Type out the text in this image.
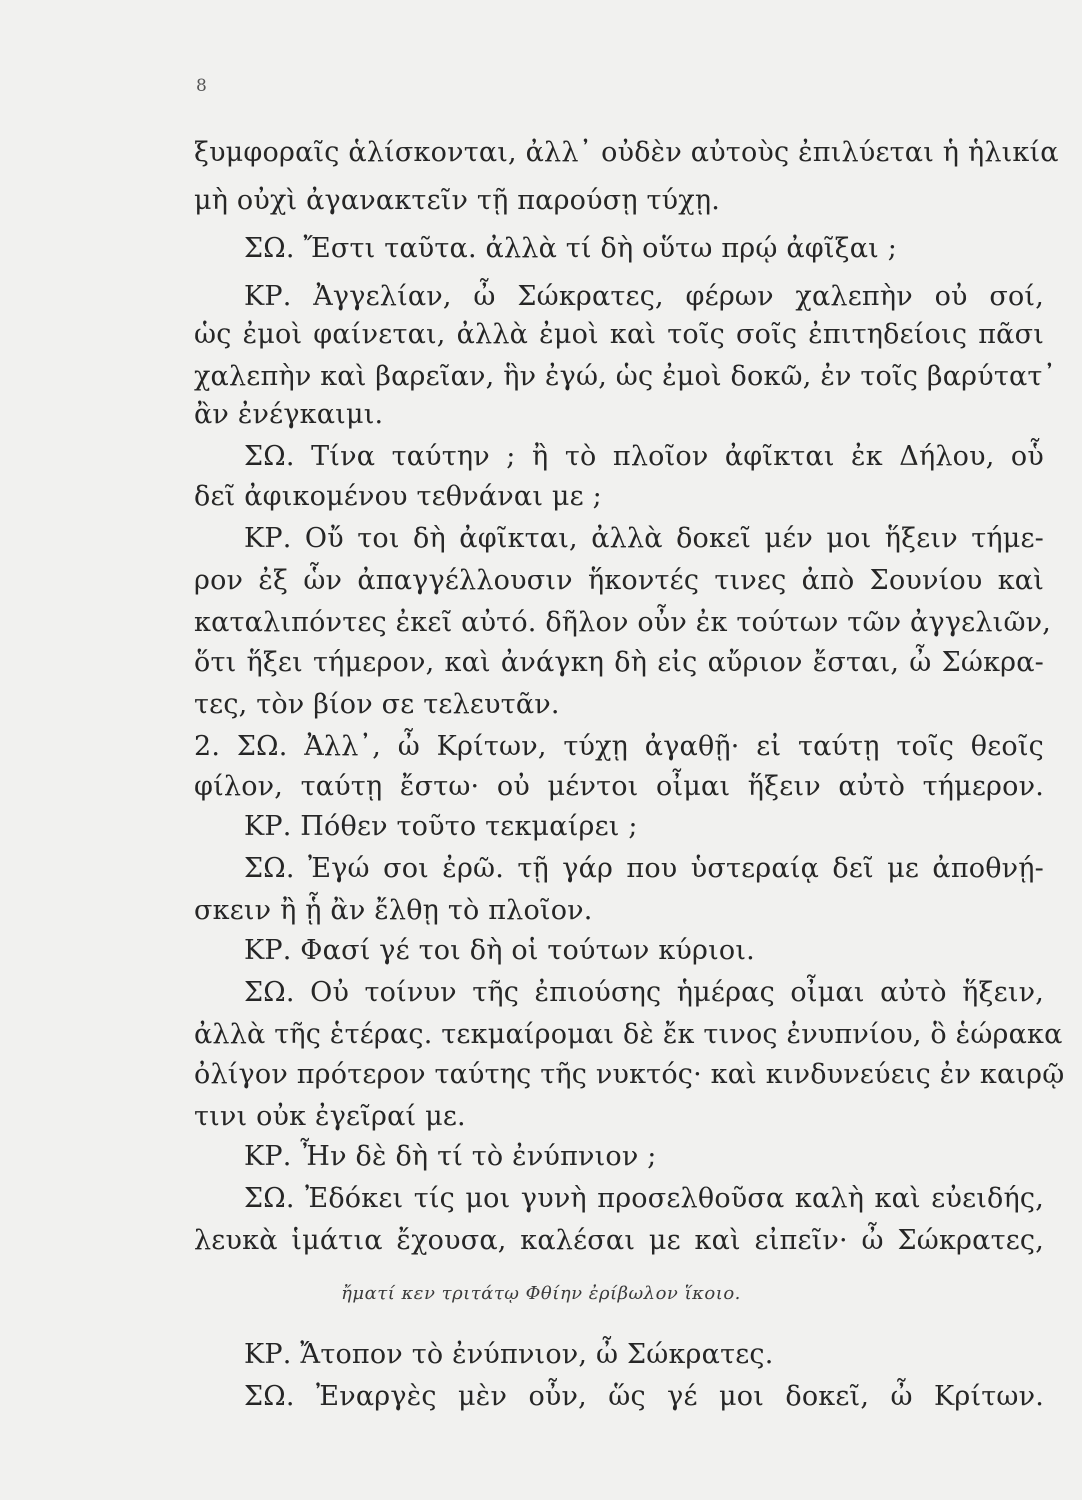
8
ξυμφοραῖς ἁλίσκονται, ἀλλ᾿ οὐδὲν αὐτοὺς ἐπιλύεται ἡ ἡλικία
μὴ οὐχὶ ἀγανακτεῖν τῇ παρούσῃ τύχῃ.
ΣΩ. Ἔστι ταῦτα. ἀλλὰ τί δὴ οὕτω πρῴ ἀφῖξαι ;
ΚΡ. Ἀγγελίαν, ὦ Σώκρατες, φέρων χαλεπὴν οὐ σοί,
ὡς ἐμοὶ φαίνεται, ἀλλὰ ἐμοὶ καὶ τοῖς σοῖς ἐπιτηδείοις πᾶσι
χαλεπὴν καὶ βαρεῖαν, ἣν ἐγώ, ὡς ἐμοὶ δοκῶ, ἐν τοῖς βαρύτατ᾿
ἂν ἐνέγκαιμι.
ΣΩ. Τίνα ταύτην ; ἢ τὸ πλοῖον ἀφῖκται ἐκ Δήλου, οὗ
δεῖ ἀφικομένου τεθνάναι με ;
ΚΡ. Οὔ τοι δὴ ἀφῖκται, ἀλλὰ δοκεῖ μέν μοι ἥξειν τήμε-
ρον ἐξ ὧν ἀπαγγέλλουσιν ἥκοντές τινες ἀπὸ Σουνίου καὶ
καταλιπόντες ἐκεῖ αὐτό. δῆλον οὖν ἐκ τούτων τῶν ἀγγελιῶν,
ὅτι ἥξει τήμερον, καὶ ἀνάγκη δὴ εἰς αὔριον ἔσται, ὦ Σώκρα-
τες, τὸν βίον σε τελευτᾶν.
2. ΣΩ. Ἀλλ᾿, ὦ Κρίτων, τύχῃ ἀγαθῇ· εἰ ταύτῃ τοῖς θεοῖς
φίλον, ταύτῃ ἔστω· οὐ μέντοι οἶμαι ἥξειν αὐτὸ τήμερον.
ΚΡ. Πόθεν τοῦτο τεκμαίρει ;
ΣΩ. Ἐγώ σοι ἐρῶ. τῇ γάρ που ὑστεραίᾳ δεῖ με ἀποθνῄ-
σκειν ἢ ᾗ ἂν ἔλθῃ τὸ πλοῖον.
ΚΡ. Φασί γέ τοι δὴ οἱ τούτων κύριοι.
ΣΩ. Οὐ τοίνυν τῆς ἐπιούσης ἡμέρας οἶμαι αὐτὸ ἥξειν,
ἀλλὰ τῆς ἑτέρας. τεκμαίρομαι δὲ ἔκ τινος ἐνυπνίου, ὃ ἑώρακα
ὀλίγον πρότερον ταύτης τῆς νυκτός· καὶ κινδυνεύεις ἐν καιρῷ
τινι οὐκ ἐγεῖραί με.
ΚΡ. Ἦν δὲ δὴ τί τὸ ἐνύπνιον ;
ΣΩ. Ἐδόκει τίς μοι γυνὴ προσελθοῦσα καλὴ καὶ εὐειδής,
λευκὰ ἱμάτια ἔχουσα, καλέσαι με καὶ εἰπεῖν· ὦ Σώκρατες,
ἤματί κεν τριτάτῳ Φθίην ἐρίβωλον ἵκοιο.
ΚΡ. Ἄτοπον τὸ ἐνύπνιον, ὦ Σώκρατες.
ΣΩ. Ἐναργὲς μὲν οὖν, ὥς γέ μοι δοκεῖ, ὦ Κρίτων.
